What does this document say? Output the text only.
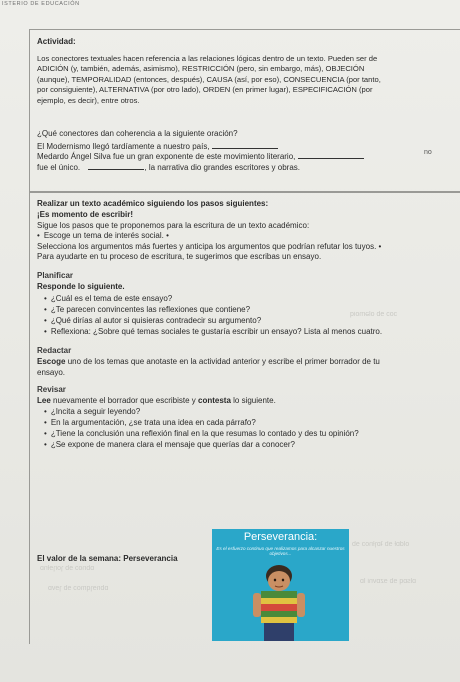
ISTERIO DE EDUCACIÓN
Actividad:
Los conectores textuales hacen referencia a las relaciones lógicas dentro de un texto. Pueden ser de
ADICIÓN (y, también, además, asimismo), RESTRICCIÓN (pero, sin embargo, más), OBJECIÓN
(aunque), TEMPORALIDAD (entonces, después), CAUSA (así, por eso), CONSECUENCIA (por tanto,
por consiguiente), ALTERNATIVA (por otro lado), ORDEN (en primer lugar), ESPECIFICACIÓN (por
ejemplo, es decir), entre otros.
¿Qué conectores dan coherencia a la siguiente oración?
El Modernismo llegó tardíamente a nuestro país,
Medardo Ángel Silva fue un gran exponente de este movimiento literario,	no
fue el único.	, la narrativa dio grandes escritores y obras.
Realizar un texto académico siguiendo los pasos siguientes:
¡Es momento de escribir!
Sigue los pasos que te proponemos para la escritura de un texto académico:
• Escoge un tema de interés social. •
Selecciona los argumentos más fuertes y anticipa los argumentos que podrían refutar los tuyos. •
Para ayudarte en tu proceso de escritura, te sugerimos que escribas un ensayo.
Planificar
Responde lo siguiente.
• ¿Cuál es el tema de este ensayo?
• ¿Te parecen convincentes las reflexiones que contiene?
• ¿Qué dirías al autor si quisieras contradecir su argumento?
• Reflexiona: ¿Sobre qué temas sociales te gustaría escribir un ensayo? Lista al menos cuatro.
Redactar
Escoge uno de los temas que anotaste en la actividad anterior y escribe el primer borrador de tu
ensayo.
Revisar
Lee nuevamente el borrador que escribiste y contesta lo siguiente.
• ¿Incita a seguir leyendo?
• En la argumentación, ¿se trata una idea en cada párrafo?
• ¿Tiene la conclusión una reflexión final en la que resumas lo contado y des tu opinión?
• ¿Se expone de manera clara el mensaje que querías dar a conocer?
ɔoɔ ɘb oləmoiq
oldɒƚ ɘb ʇɒɿƚnoɔ ɘb
ɒlsɒq ɘb ɘzɒvni lɒ
ɒbnoɔ ɘb ɿoiɿɘƚnɒ
ɒbnɘɿqmoɔ ɘb ɿɘvɒ
El valor de la semana: Perseverancia
Perseverancia:
Es el esfuerzo continuo que realizamos para alcanzar nuestros objetivos...
